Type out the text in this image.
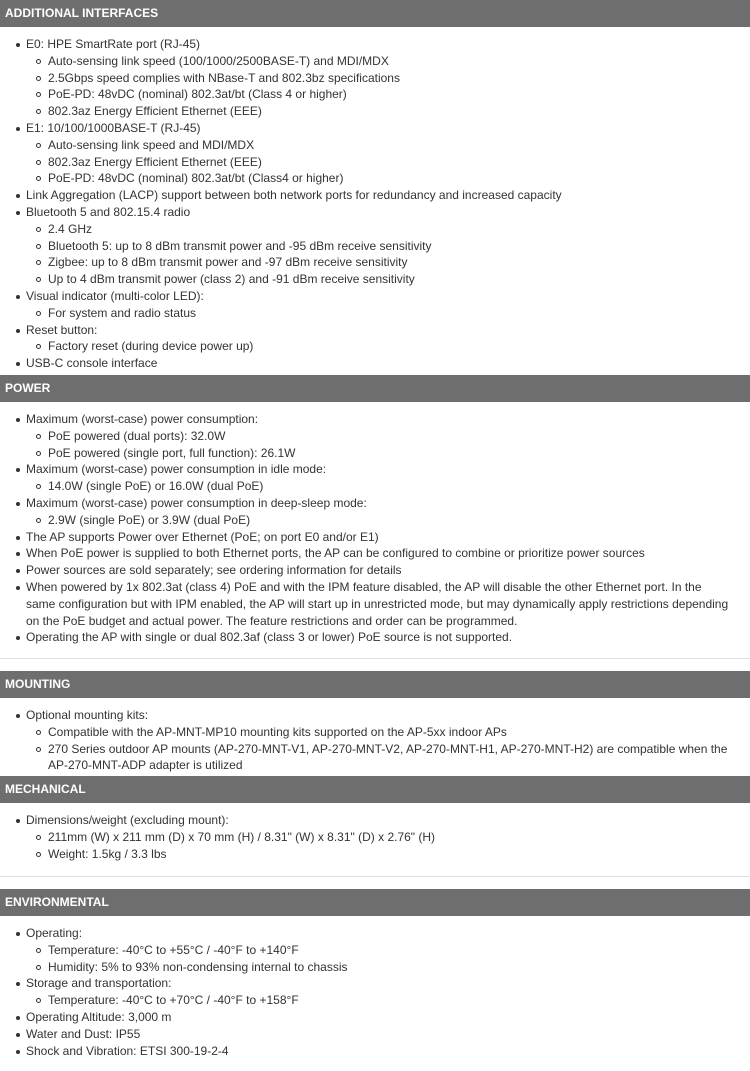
ADDITIONAL INTERFACES
E0: HPE SmartRate port (RJ-45)
Auto-sensing link speed (100/1000/2500BASE-T) and MDI/MDX
2.5Gbps speed complies with NBase-T and 802.3bz specifications
PoE-PD: 48vDC (nominal) 802.3at/bt (Class 4 or higher)
802.3az Energy Efficient Ethernet (EEE)
E1: 10/100/1000BASE-T (RJ-45)
Auto-sensing link speed and MDI/MDX
802.3az Energy Efficient Ethernet (EEE)
PoE-PD: 48vDC (nominal) 802.3at/bt (Class4 or higher)
Link Aggregation (LACP) support between both network ports for redundancy and increased capacity
Bluetooth 5 and 802.15.4 radio
2.4 GHz
Bluetooth 5: up to 8 dBm transmit power and -95 dBm receive sensitivity
Zigbee: up to 8 dBm transmit power and -97 dBm receive sensitivity
Up to 4 dBm transmit power (class 2) and -91 dBm receive sensitivity
Visual indicator (multi-color LED):
For system and radio status
Reset button:
Factory reset (during device power up)
USB-C console interface
POWER
Maximum (worst-case) power consumption:
PoE powered (dual ports): 32.0W
PoE powered (single port, full function): 26.1W
Maximum (worst-case) power consumption in idle mode:
14.0W (single PoE) or 16.0W (dual PoE)
Maximum (worst-case) power consumption in deep-sleep mode:
2.9W (single PoE) or 3.9W (dual PoE)
The AP supports Power over Ethernet (PoE; on port E0 and/or E1)
When PoE power is supplied to both Ethernet ports, the AP can be configured to combine or prioritize power sources
Power sources are sold separately; see ordering information for details
When powered by 1x 802.3at (class 4) PoE and with the IPM feature disabled, the AP will disable the other Ethernet port. In the same configuration but with IPM enabled, the AP will start up in unrestricted mode, but may dynamically apply restrictions depending on the PoE budget and actual power. The feature restrictions and order can be programmed.
Operating the AP with single or dual 802.3af (class 3 or lower) PoE source is not supported.
MOUNTING
Optional mounting kits:
Compatible with the AP-MNT-MP10 mounting kits supported on the AP-5xx indoor APs
270 Series outdoor AP mounts (AP-270-MNT-V1, AP-270-MNT-V2, AP-270-MNT-H1, AP-270-MNT-H2) are compatible when the AP-270-MNT-ADP adapter is utilized
MECHANICAL
Dimensions/weight (excluding mount):
211mm (W) x 211 mm (D) x 70 mm (H) / 8.31" (W) x 8.31" (D) x 2.76" (H)
Weight: 1.5kg / 3.3 lbs
ENVIRONMENTAL
Operating:
Temperature: -40°C to +55°C / -40°F to +140°F
Humidity: 5% to 93% non-condensing internal to chassis
Storage and transportation:
Temperature: -40°C to +70°C / -40°F to +158°F
Operating Altitude: 3,000 m
Water and Dust: IP55
Shock and Vibration: ETSI 300-19-2-4
